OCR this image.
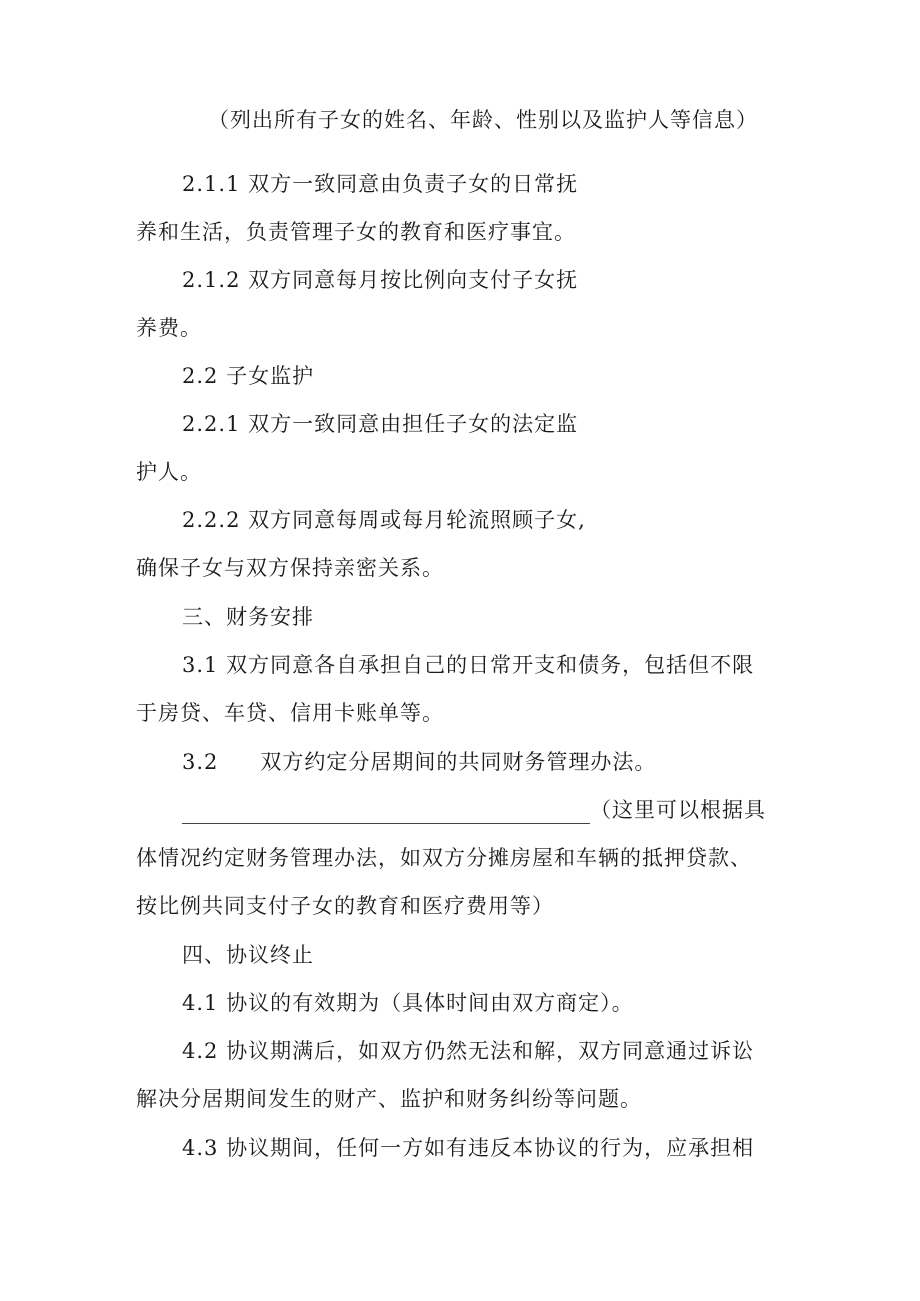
（列出所有子女的姓名、年龄、性别以及监护人等信息）
2.1.1 双方一致同意由负责子女的日常抚
养和生活，负责管理子女的教育和医疗事宜。
2.1.2 双方同意每月按比例向支付子女抚
养费。
2.2 子女监护
2.2.1 双方一致同意由担任子女的法定监
护人。
2.2.2 双方同意每周或每月轮流照顾子女,
确保子女与双方保持亲密关系。
三、财务安排
3.1 双方同意各自承担自己的日常开支和债务，包括但不限
于房贷、车贷、信用卡账单等。
3.2 双方约定分居期间的共同财务管理办法。
（这里可以根据具
体情况约定财务管理办法，如双方分摊房屋和车辆的抵押贷款、
按比例共同支付子女的教育和医疗费用等）
四、协议终止
4.1 协议的有效期为（具体时间由双方商定）。
4.2 协议期满后，如双方仍然无法和解，双方同意通过诉讼
解决分居期间发生的财产、监护和财务纠纷等问题。
4.3 协议期间，任何一方如有违反本协议的行为，应承担相
